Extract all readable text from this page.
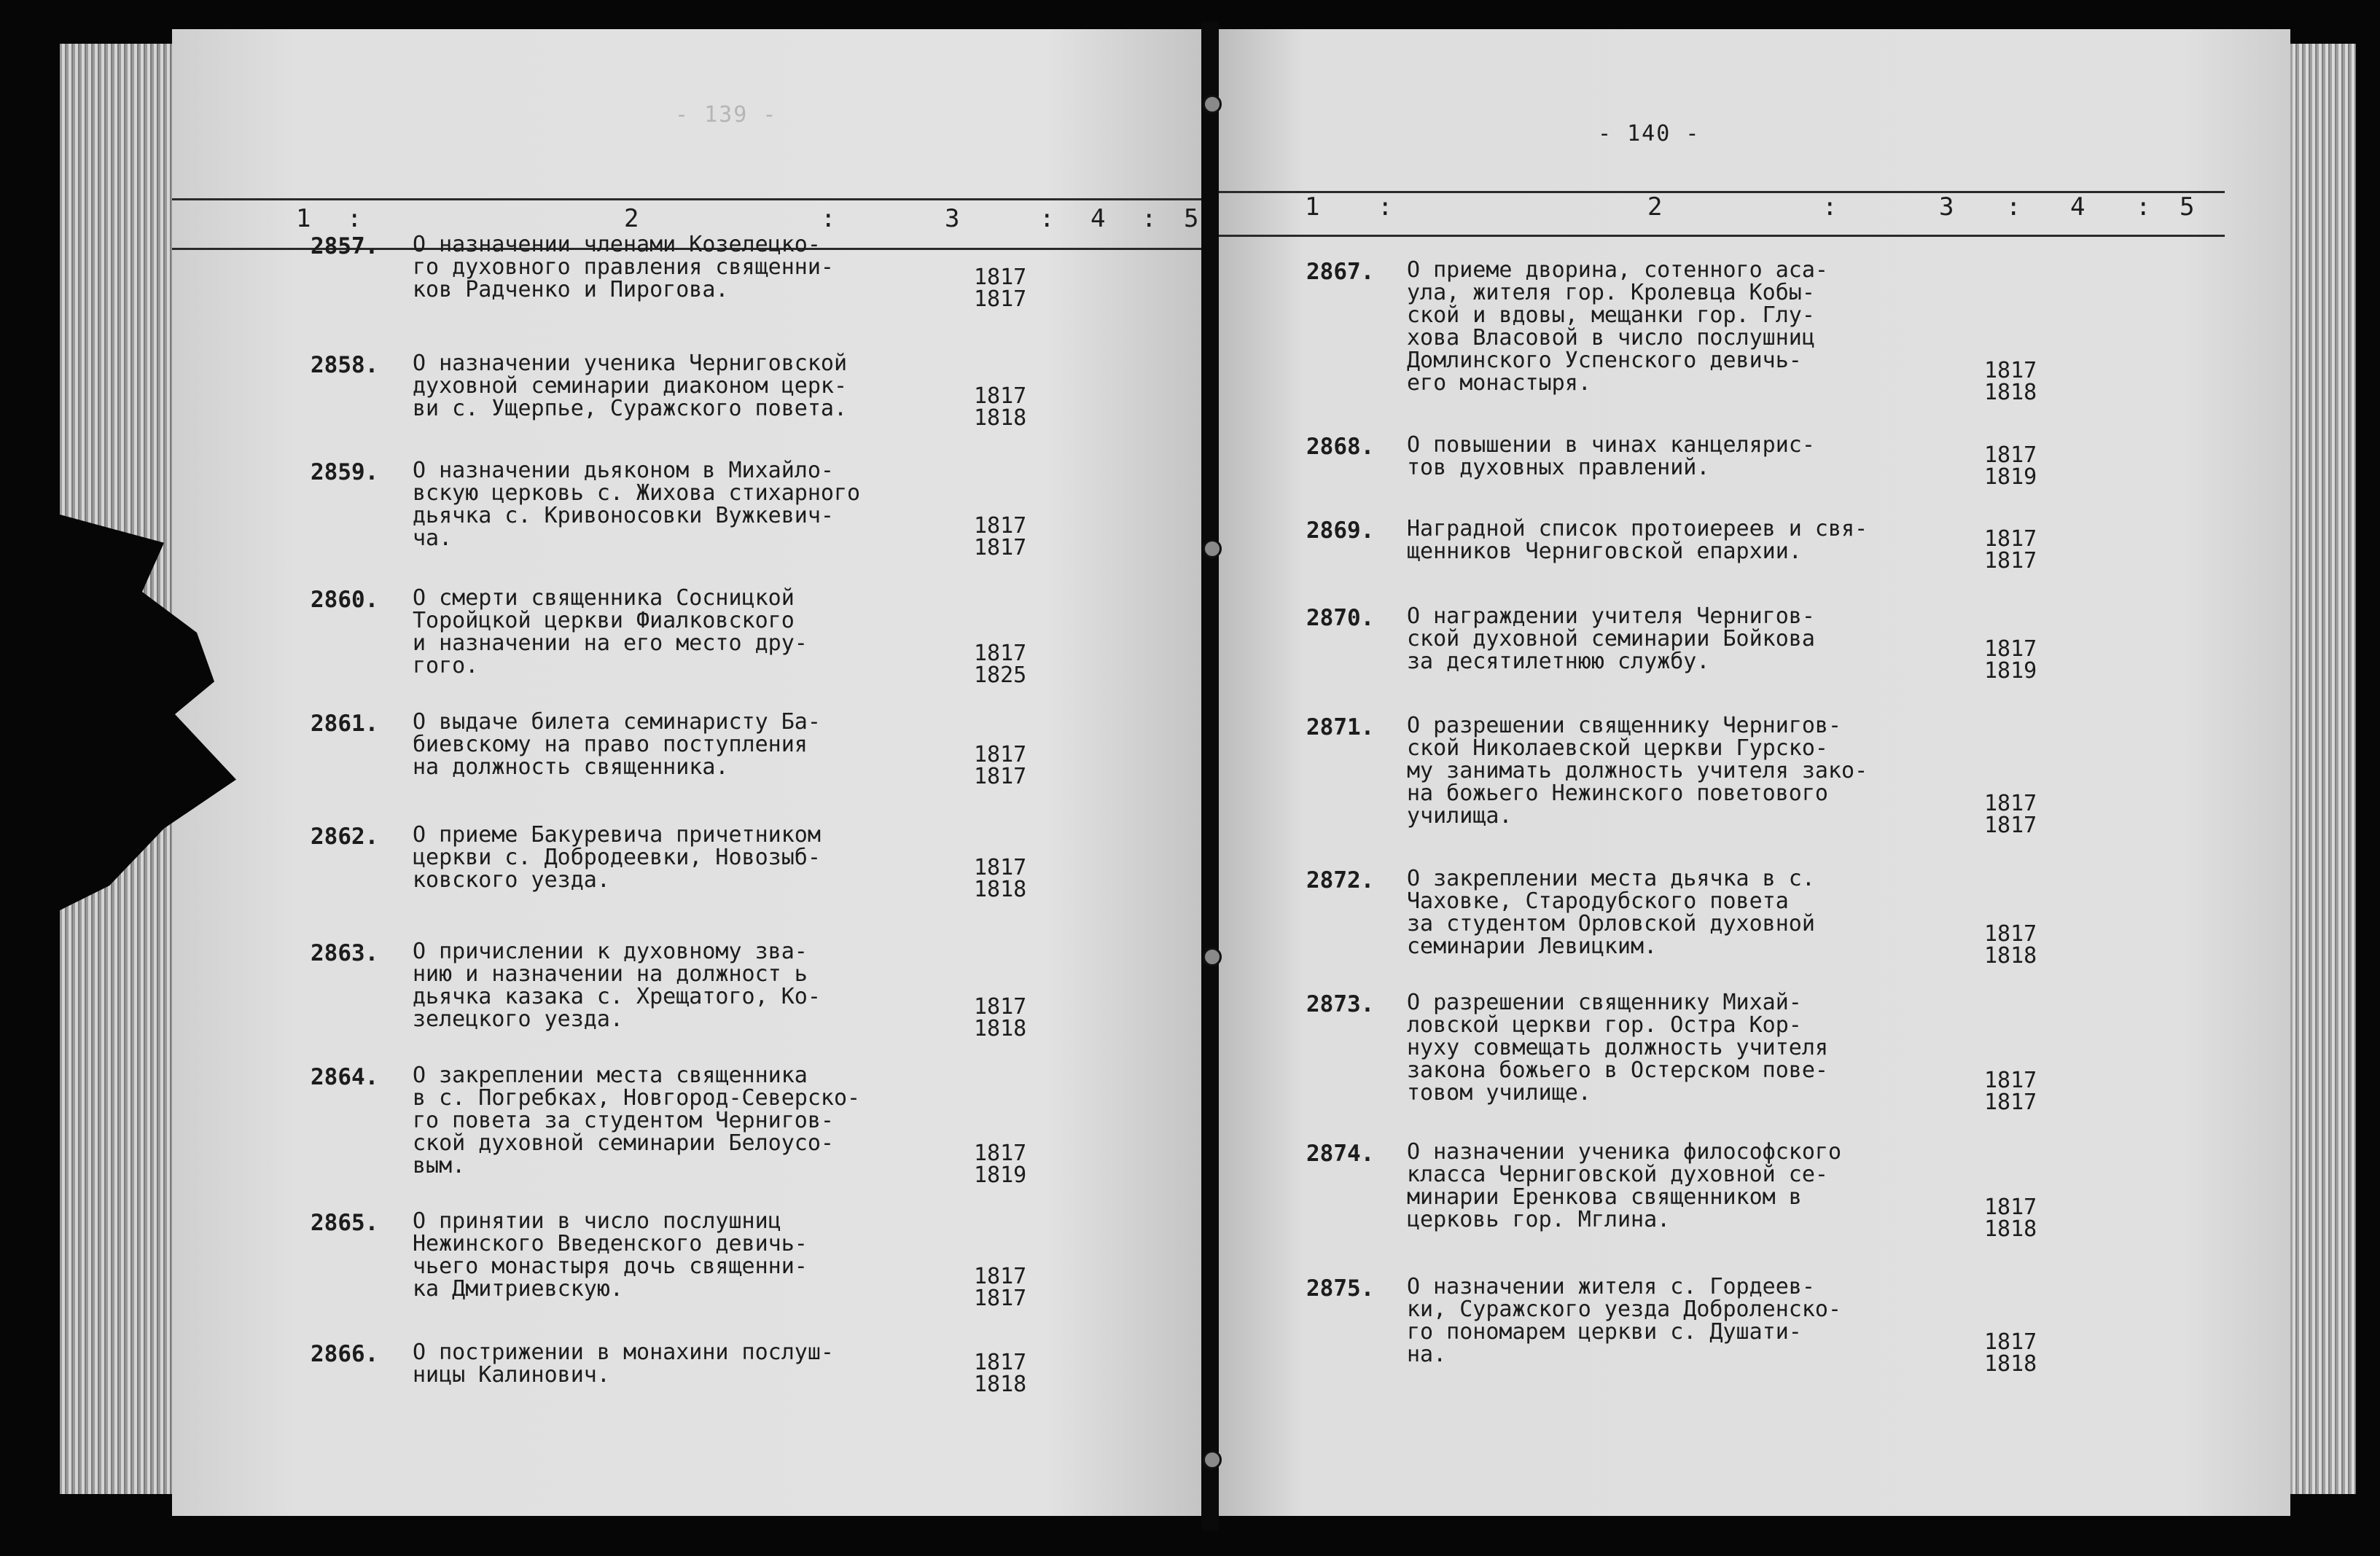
- 139 -
1 :	2	:	3	: 4 : 5
2857. О назначении членами Козелецко-
го духовного правления священни-
ков Радченко и Пирогова.	1817
1817
2858. О назначении ученика Черниговской
духовной семинарии диаконом церк-
ви с. Ущерпье, Суражского повета.	1817
1818
2859. О назначении дьяконом в Михайло-
вскую церковь с. Жихова стихарного
дьячка с. Кривоносовки Вужкевич-
ча.	1817
1817
2860. О смерти священника Сосницкой
Торойцкой церкви Фиалковского
и назначении на его место дру-
гого.	1817
1825
2861. О выдаче билета семинаристу Ба-
биевскому на право поступления
на должность священника.	1817
1817
2862. О приеме Бакуревича причетником
церкви с. Добродеевки, Новозыб-
ковского уезда.	1817
1818
2863. О причислении к духовному зва-
нию и назначении на должност ь
дьячка казака с. Хрещатого, Ко-
зелецкого уезда.	1817
1818
2864. О закреплении места священника
в с. Погребках, Новгород-Северско-
го повета за студентом Чернигов-
ской духовной семинарии Белоусо-
вым.	1817
1819
2865. О принятии в число послушниц
Нежинского Введенского девичь-
чьего монастыря дочь священни-
ка Дмитриевскую.	1817
1817
2866. О пострижении в монахини послуш-
ницы Калинович.	1817
1818
- 140 -
1 :	2	:	3 : 4 : 5
2867. О приеме дворина, сотенного аса-
ула, жителя гор. Кролевца Кобы-
ской и вдовы, мещанки гор. Глу-
хова Власовой в число послушниц
Домлинского Успенского девичь-
его монастыря.	1817
1818
2868. О повышении в чинах канцелярис-
тов духовных правлений.	1817
1819
2869. Наградной список протоиереев и свя-
щенников Черниговской епархии.	1817
1817
2870. О награждении учителя Чернигов-
ской духовной семинарии Бойкова
за десятилетнюю службу.	1817
1819
2871. О разрешении священнику Чернигов-
ской Николаевской церкви Гурско-
му занимать должность учителя зако-
на божьего Нежинского поветового
училища.	1817
1817
2872. О закреплении места дьячка в с.
Чаховке, Стародубского повета
за студентом Орловской духовной
семинарии Левицким.	1817
1818
2873. О разрешении священнику Михай-
ловской церкви гор. Остра Кор-
нуху совмещать должность учителя
закона божьего в Остерском пове-
товом училище.	1817
1817
2874. О назначении ученика философского
класса Черниговской духовной се-
минарии Еренкова священником в
церковь гор. Мглина.	1817
1818
2875. О назначении жителя с. Гордеев-
ки, Суражского уезда Доброленско-
го пономарем церкви с. Душати-
на.	1817
1818
